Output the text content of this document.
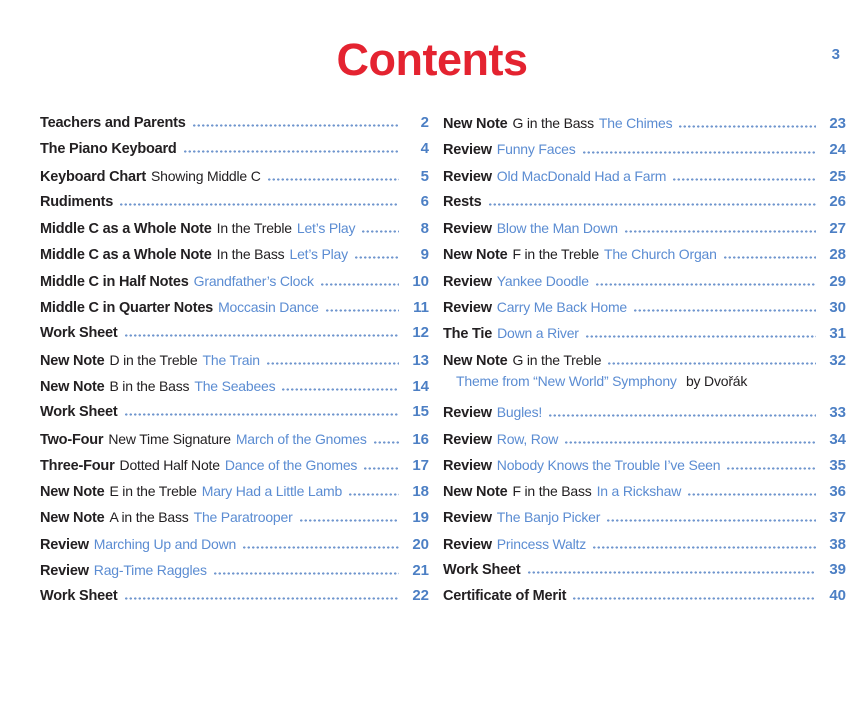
3
Contents
Teachers and Parents	2
The Piano Keyboard	4
Keyboard Chart Showing Middle C	5
Rudiments	6
Middle C as a Whole Note In the Treble Let’s Play	8
Middle C as a Whole Note In the Bass Let’s Play	9
Middle C in Half Notes Grandfather’s Clock	10
Middle C in Quarter Notes Moccasin Dance	11
Work Sheet	12
New Note D in the Treble The Train	13
New Note B in the Bass The Seabees	14
Work Sheet	15
Two-Four New Time Signature March of the Gnomes	16
Three-Four Dotted Half Note Dance of the Gnomes	17
New Note E in the Treble Mary Had a Little Lamb	18
New Note A in the Bass The Paratrooper	19
Review Marching Up and Down	20
Review Rag-Time Raggles	21
Work Sheet	22
New Note G in the Bass The Chimes	23
Review Funny Faces	24
Review Old MacDonald Had a Farm	25
Rests	26
Review Blow the Man Down	27
New Note F in the Treble The Church Organ	28
Review Yankee Doodle	29
Review Carry Me Back Home	30
The Tie Down a River	31
New Note G in the Treble	32
Theme from “New World” Symphony by Dvořák
Review Bugles!	33
Review Row, Row	34
Review Nobody Knows the Trouble I’ve Seen	35
New Note F in the Bass In a Rickshaw	36
Review The Banjo Picker	37
Review Princess Waltz	38
Work Sheet	39
Certificate of Merit	40
